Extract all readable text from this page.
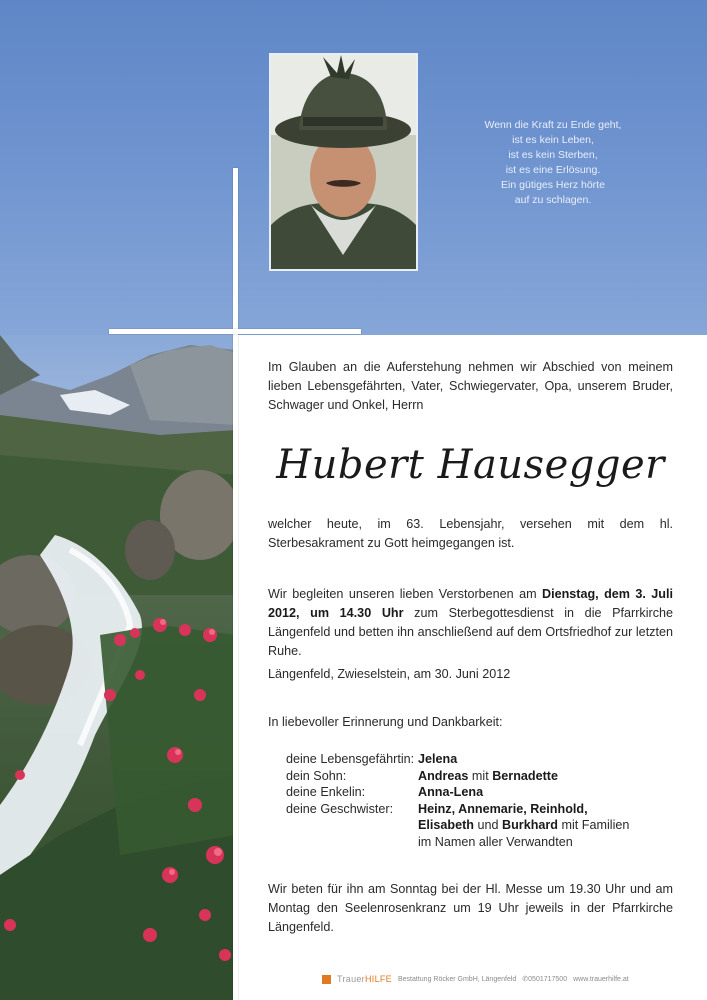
Wenn die Kraft zu Ende geht,
ist es kein Leben,
ist es kein Sterben,
ist es eine Erlösung.
Ein gütiges Herz hörte
auf zu schlagen.
Im Glauben an die Auferstehung nehmen wir Abschied von meinem lieben Lebensgefährten, Vater, Schwiegervater, Opa, unserem Bruder, Schwager und Onkel, Herrn
Hubert Hausegger
welcher heute, im 63. Lebensjahr, versehen mit dem hl. Sterbesakrament zu Gott heimgegangen ist.
Wir begleiten unseren lieben Verstorbenen am Dienstag, dem 3. Juli 2012, um 14.30 Uhr zum Sterbegottesdienst in die Pfarrkirche Längenfeld und betten ihn anschließend auf dem Ortsfriedhof zur letzten Ruhe.
Längenfeld, Zwieselstein, am 30. Juni 2012
In liebevoller Erinnerung und Dankbarkeit:
deine Lebensgefährtin: Jelena
dein Sohn:	Andreas mit Bernadette
deine Enkelin:	Anna-Lena
deine Geschwister:	Heinz, Annemarie, Reinhold,
Elisabeth und Burkhard mit Familien
im Namen aller Verwandten
Wir beten für ihn am Sonntag bei der Hl. Messe um 19.30 Uhr und am Montag den Seelenrosenkranz um 19 Uhr jeweils in der Pfarrkirche Längenfeld.
TrauerHILFE Bestattung Röcker GmbH, Längenfeld ✆0501717500 www.trauerhilfe.at
